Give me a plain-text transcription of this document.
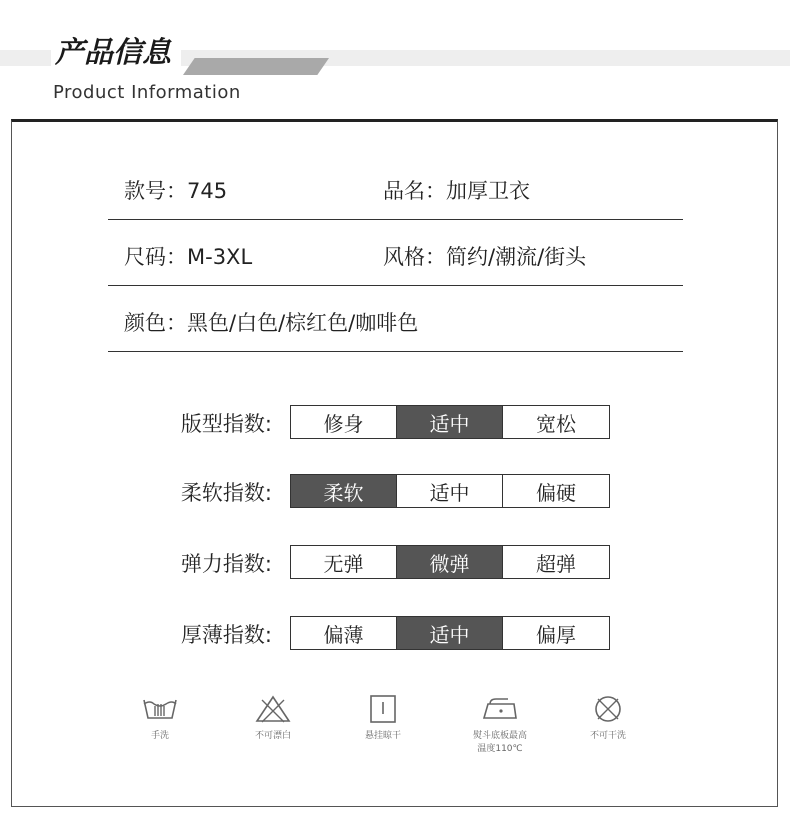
产品信息
Product Information
款号：745	品名：加厚卫衣
尺码：M-3XL	风格：简约/潮流/街头
颜色：黑色/白色/棕红色/咖啡色
版型指数:	修身	适中	宽松
柔软指数:	柔软	适中	偏硬
弹力指数:	无弹	微弹	超弹
厚薄指数:	偏薄	适中	偏厚
手洗	不可漂白	悬挂晾干	熨斗底板最高
温度110℃
不可干洗
